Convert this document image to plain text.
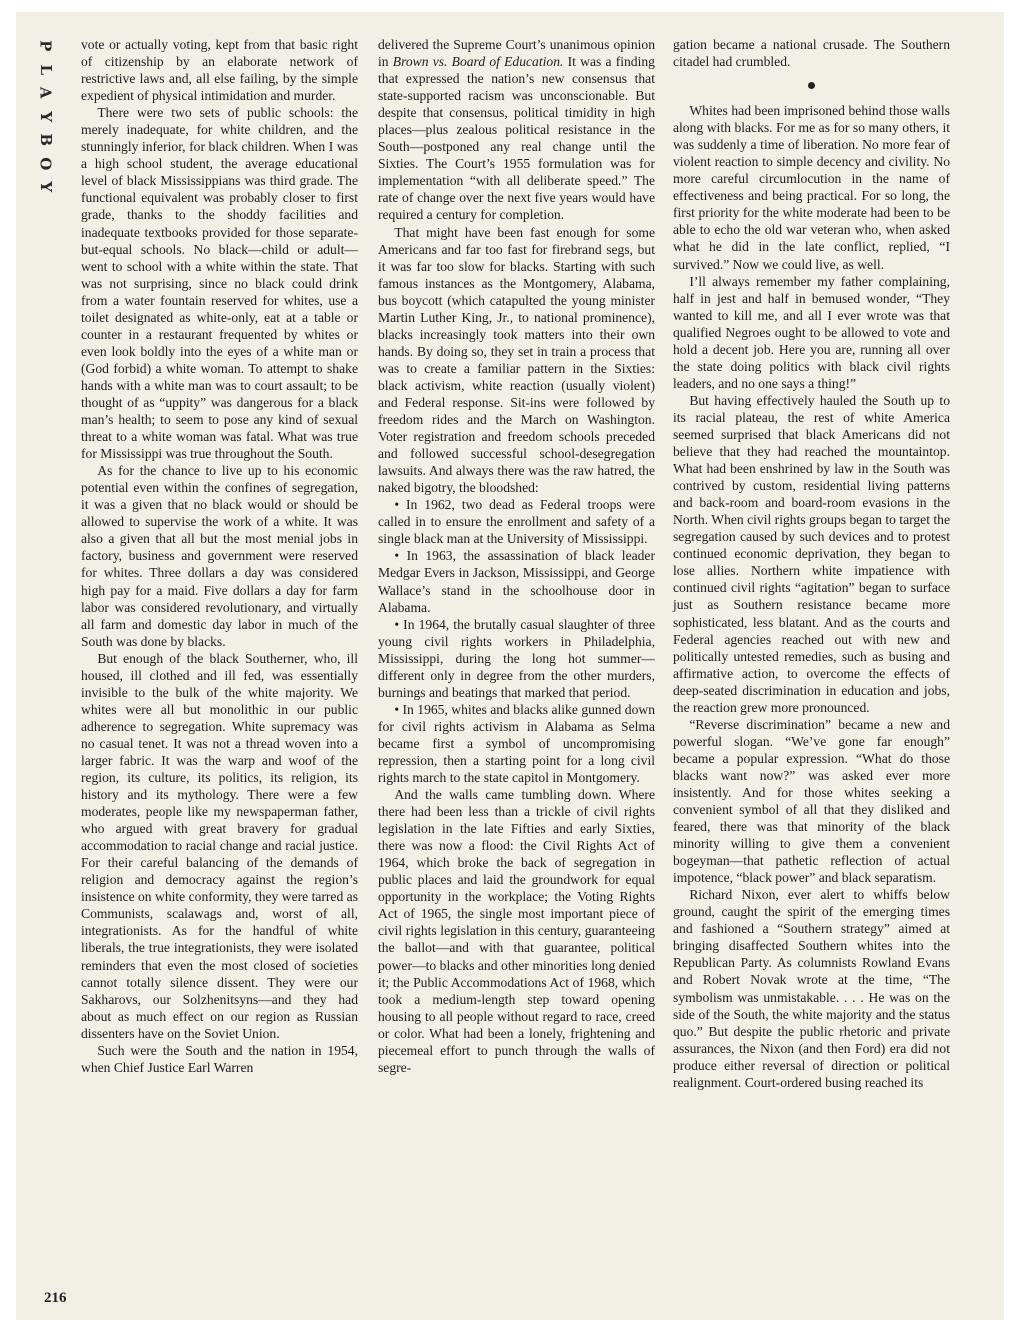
P
L
A
Y
B
O
Y

vote or actually voting, kept from that basic right of citizenship by an elaborate network of restrictive laws and, all else failing, by the simple expedient of physical intimidation and murder.

There were two sets of public schools: the merely inadequate, for white children, and the stunningly inferior, for black children. When I was a high school student, the average educational level of black Mississippians was third grade. The functional equivalent was probably closer to first grade, thanks to the shoddy facilities and inadequate textbooks provided for those separate-but-equal schools. No black—child or adult—went to school with a white within the state. That was not surprising, since no black could drink from a water fountain reserved for whites, use a toilet designated as white-only, eat at a table or counter in a restaurant frequented by whites or even look boldly into the eyes of a white man or (God forbid) a white woman. To attempt to shake hands with a white man was to court assault; to be thought of as “uppity” was dangerous for a black man’s health; to seem to pose any kind of sexual threat to a white woman was fatal. What was true for Mississippi was true throughout the South.

As for the chance to live up to his economic potential even within the confines of segregation, it was a given that no black would or should be allowed to supervise the work of a white. It was also a given that all but the most menial jobs in factory, business and government were reserved for whites. Three dollars a day was considered high pay for a maid. Five dollars a day for farm labor was considered revolutionary, and virtually all farm and domestic day labor in much of the South was done by blacks.

But enough of the black Southerner, who, ill housed, ill clothed and ill fed, was essentially invisible to the bulk of the white majority. We whites were all but monolithic in our public adherence to segregation. White supremacy was no casual tenet. It was not a thread woven into a larger fabric. It was the warp and woof of the region, its culture, its politics, its religion, its history and its mythology. There were a few moderates, people like my newspaperman father, who argued with great bravery for gradual accommodation to racial change and racial justice. For their careful balancing of the demands of religion and democracy against the region’s insistence on white conformity, they were tarred as Communists, scalawags and, worst of all, integrationists. As for the handful of white liberals, the true integrationists, they were isolated reminders that even the most closed of societies cannot totally silence dissent. They were our Sakharovs, our Solzhenitsyns—and they had about as much effect on our region as Russian dissenters have on the Soviet Union.

Such were the South and the nation in 1954, when Chief Justice Earl Warren

delivered the Supreme Court’s unanimous opinion in Brown vs. Board of Education. It was a finding that expressed the nation’s new consensus that state-supported racism was unconscionable. But despite that consensus, political timidity in high places—plus zealous political resistance in the South—postponed any real change until the Sixties. The Court’s 1955 formulation was for implementation “with all deliberate speed.” The rate of change over the next five years would have required a century for completion.

That might have been fast enough for some Americans and far too fast for firebrand segs, but it was far too slow for blacks. Starting with such famous instances as the Montgomery, Alabama, bus boycott (which catapulted the young minister Martin Luther King, Jr., to national prominence), blacks increasingly took matters into their own hands. By doing so, they set in train a process that was to create a familiar pattern in the Sixties: black activism, white reaction (usually violent) and Federal response. Sit-ins were followed by freedom rides and the March on Washington. Voter registration and freedom schools preceded and followed successful school-desegregation lawsuits. And always there was the raw hatred, the naked bigotry, the bloodshed:

• In 1962, two dead as Federal troops were called in to ensure the enrollment and safety of a single black man at the University of Mississippi.

• In 1963, the assassination of black leader Medgar Evers in Jackson, Mississippi, and George Wallace’s stand in the schoolhouse door in Alabama.

• In 1964, the brutally casual slaughter of three young civil rights workers in Philadelphia, Mississippi, during the long hot summer—different only in degree from the other murders, burnings and beatings that marked that period.

• In 1965, whites and blacks alike gunned down for civil rights activism in Alabama as Selma became first a symbol of uncompromising repression, then a starting point for a long civil rights march to the state capitol in Montgomery.

And the walls came tumbling down. Where there had been less than a trickle of civil rights legislation in the late Fifties and early Sixties, there was now a flood: the Civil Rights Act of 1964, which broke the back of segregation in public places and laid the groundwork for equal opportunity in the workplace; the Voting Rights Act of 1965, the single most important piece of civil rights legislation in this century, guaranteeing the ballot—and with that guarantee, political power—to blacks and other minorities long denied it; the Public Accommodations Act of 1968, which took a medium-length step toward opening housing to all people without regard to race, creed or color. What had been a lonely, frightening and piecemeal effort to punch through the walls of segre-

gation became a national crusade. The Southern citadel had crumbled.

Whites had been imprisoned behind those walls along with blacks. For me as for so many others, it was suddenly a time of liberation. No more fear of violent reaction to simple decency and civility. No more careful circumlocution in the name of effectiveness and being practical. For so long, the first priority for the white moderate had been to be able to echo the old war veteran who, when asked what he did in the late conflict, replied, “I survived.” Now we could live, as well.

I’ll always remember my father complaining, half in jest and half in bemused wonder, “They wanted to kill me, and all I ever wrote was that qualified Negroes ought to be allowed to vote and hold a decent job. Here you are, running all over the state doing politics with black civil rights leaders, and no one says a thing!”

But having effectively hauled the South up to its racial plateau, the rest of white America seemed surprised that black Americans did not believe that they had reached the mountaintop. What had been enshrined by law in the South was contrived by custom, residential living patterns and back-room and board-room evasions in the North. When civil rights groups began to target the segregation caused by such devices and to protest continued economic deprivation, they began to lose allies. Northern white impatience with continued civil rights “agitation” began to surface just as Southern resistance became more sophisticated, less blatant. And as the courts and Federal agencies reached out with new and politically untested remedies, such as busing and affirmative action, to overcome the effects of deep-seated discrimination in education and jobs, the reaction grew more pronounced.

“Reverse discrimination” became a new and powerful slogan. “We’ve gone far enough” became a popular expression. “What do those blacks want now?” was asked ever more insistently. And for those whites seeking a convenient symbol of all that they disliked and feared, there was that minority of the black minority willing to give them a convenient bogeyman—that pathetic reflection of actual impotence, “black power” and black separatism.

Richard Nixon, ever alert to whiffs below ground, caught the spirit of the emerging times and fashioned a “Southern strategy” aimed at bringing disaffected Southern whites into the Republican Party. As columnists Rowland Evans and Robert Novak wrote at the time, “The symbolism was unmistakable. . . . He was on the side of the South, the white majority and the status quo.” But despite the public rhetoric and private assurances, the Nixon (and then Ford) era did not produce either reversal of direction or political realignment. Court-ordered busing reached its

216
